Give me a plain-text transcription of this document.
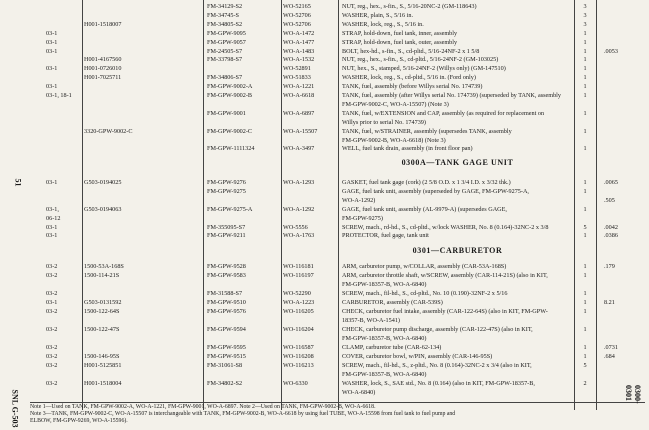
FM-34129-S2	WO-52165	NUT, reg., hex., s-fin., S., 5/16-20NC-2 (GM-118643)	3
FM-34745-S	WO-52706	WASHER, plain, S., 5/16 in.	3
H001-1518007	FM-34805-S2	WO-52706	WASHER, lock, reg., S., 5/16 in.	3
03-1	FM-GPW-9095	WO-A-1472	STRAP, hold-down, fuel tank, inner, assembly	1
03-1	FM-GPW-9057	WO-A-1477	STRAP, hold-down, fuel tank, outer, assembly	1
03-1	FM-24505-S7	WO-A-1483	BOLT, hex-hd., s-fin., S., cd-pltd., 5/16-24NF-2 x 1 5/8	1	.0053
H001-4167560	FM-33798-S7	WO-A-1532	NUT, reg., hex., s-fin., S., cd-pltd., 5/16-24NF-2 (GM-103025)	1
03-1	H001-0726010	WO-52891	NUT, hex., S., stamped, 5/16-24NF-2 (Willys only) (GM-147510)	1
H001-7025711	FM-34806-S7	WO-51833	WASHER, lock, reg., S., cd-pltd., 5/16 in. (Ford only)	1
03-1	FM-GPW-9002-A	WO-A-1221	TANK, fuel, assembly (before Willys serial No. 174739)	1
03-1, 18-1	FM-GPW-9002-B	WO-A-6618	TANK, fuel, assembly (after Willys serial No. 174739) (superseded by TANK, assembly	1
FM-GPW-9002-C, WO-A-15507) (Note 3)
FM-GPW-9001	WO-A-6897	TANK, fuel, w/EXTENSION and CAP, assembly (as required for replacement on	1
Willys prior to serial No. 174739)
3320-GPW-9002-C	FM-GPW-9002-C	WO-A-15507	TANK, fuel, w/STRAINER, assembly (supersedes TANK, assembly	1
FM-GPW-9002-B, WO-A-6618) (Note 3)
FM-GPW-1111324	WO-A-3497	WELL, fuel tank drain, assembly (in front floor pan)	1
0300A—TANK GAGE UNIT
03-1	G503-0194025	FM-GPW-9276	WO-A-1293	GASKET, fuel tank gage (cork) (2 5/8 O.D. x 1 3/4 I.D. x 3/32 thk.)	1	.0065
FM-GPW-9275	GAGE, fuel tank unit, assembly (superseded by GAGE, FM-GPW-9275-A,	1
WO-A-1292)	.505
03-1,	G503-0194063	FM-GPW-9275-A	WO-A-1292	GAGE, fuel tank unit, assembly (AL-9979-A) (supersedes GAGE,	1
06-12	FM-GPW-9275)
03-1	FM-355095-S7	WO-5556	SCREW, mach., rd-hd., S., cd-pltd., w/lock WASHER, No. 8 (0.164)-32NC-2 x 3/8	5	.0042
03-1	FM-GPW-9211	WO-A-1763	PROTECTOR, fuel gage, tank unit	1	.0386
0301—CARBURETOR
03-2	1500-53A-168S	FM-GPW-9528	WO-116181	ARM, carburetor pump, w/COLLAR, assembly (CAR-53A-168S)	1	.179
03-2	1500-114-21S	FM-GPW-9583	WO-116197	ARM, carburetor throttle shaft, w/SCREW, assembly (CAR-114-21S) (also in KIT,	1
FM-GPW-18357-B, WO-A-6840)
03-2	FM-31588-S7	WO-52290	SCREW, mach., fil-hd., S., cd-pltd., No. 10 (0.190)-32NF-2 x 5/16	1
03-1	G503-0131592	FM-GPW-9510	WO-A-1223	CARBURETOR, assembly (CAR-539S)	1	8.21
03-2	1500-122-64S	FM-GPW-9576	WO-116205	CHECK, carburetor fuel intake, assembly (CAR-122-64S) (also in KIT, FM-GPW-	1
18357-B, WO-A-1541)
03-2	1500-122-47S	FM-GPW-9594	WO-116204	CHECK, carburetor pump discharge, assembly (CAR-122-47S) (also in KIT,	1
FM-GPW-18357-B, WO-A-6840)
03-2	FM-GPW-9595	WO-116587	CLAMP, carburetor tube (CAR-62-134)	1	.0731
03-2	1500-146-95S	FM-GPW-9515	WO-116208	COVER, carburetor bowl, w/PIN, assembly (CAR-146-95S)	1	.684
03-2	H001-5125851	FM-31061-S8	WO-116213	SCREW, mach., fil-hd., S., z-pltd., No. 8 (0.164)-32NC-2 x 3/4 (also in KIT,	5
FM-GPW-18357-B, WO-A-6840)
03-2	H001-1518004	FM-34802-S2	WO-6330	WASHER, lock, S., SAE std., No. 8 (0.164) (also in KIT, FM-GPW-18357-B,	2
WO-A-6840)
Note 1—Used on TANK, FM-GPW-9002-A, WO-A-1221, FM-GPW-9001, WO-A-6897. Note 2—Used on TANK, FM-GPW-9002-B, WO-A-6618.
Note 3—TANK, FM-GPW-9002-C, WO-A-15507 is interchangeable with TANK, FM-GPW-9002-B, WO-A-6618 by using fuel TUBE, WO-A-15598 from fuel tank to fuel pump and
ELBOW, FM-GPW-9269, WO-A-15596).
51
SNL G-503	0300-0301
